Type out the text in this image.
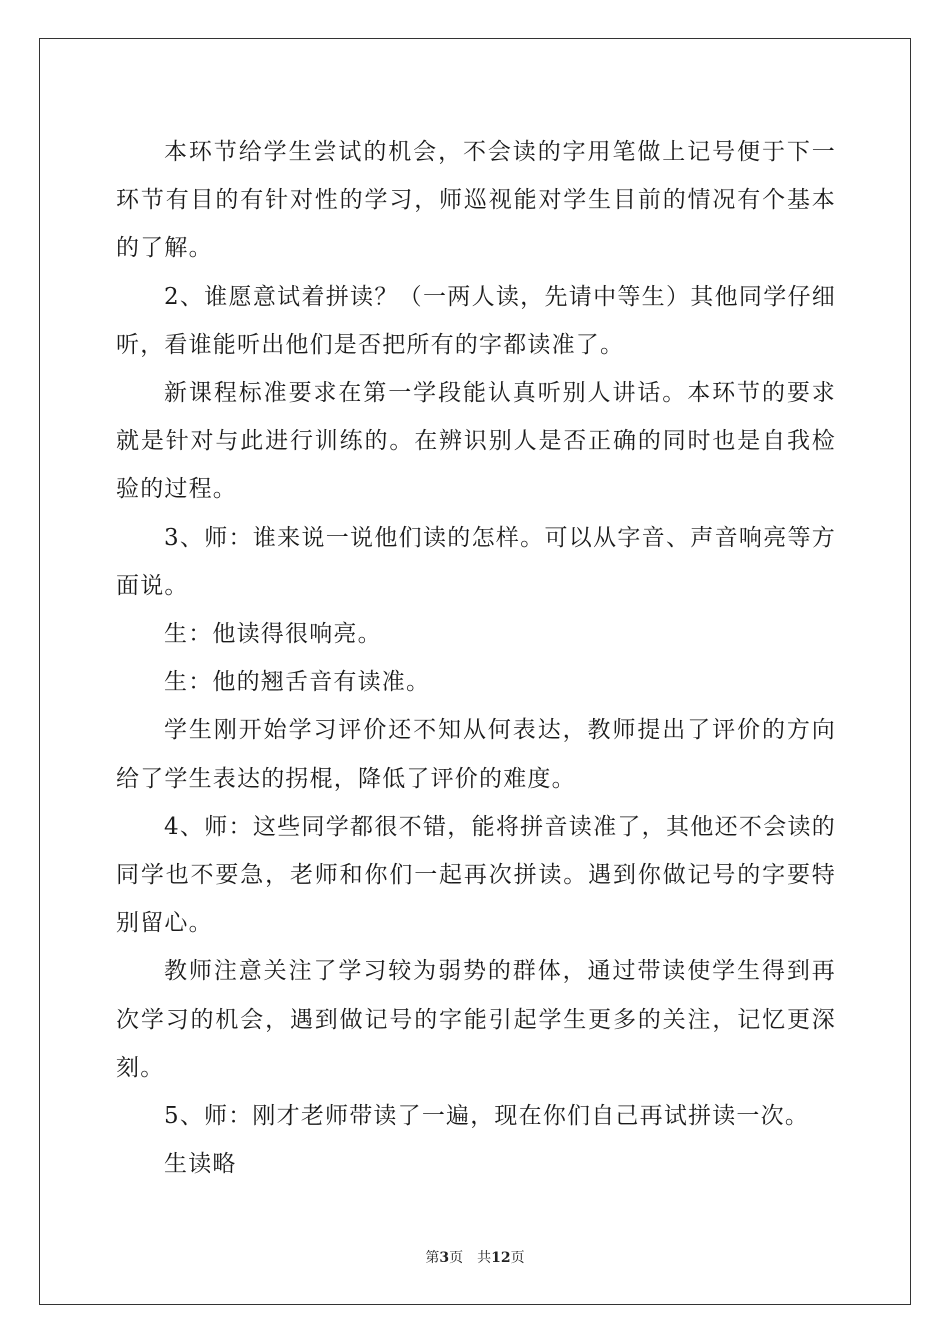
本环节给学生尝试的机会，不会读的字用笔做上记号便于下一环节有目的有针对性的学习，师巡视能对学生目前的情况有个基本的了解。

2、谁愿意试着拼读？（一两人读，先请中等生）其他同学仔细听，看谁能听出他们是否把所有的字都读准了。

新课程标准要求在第一学段能认真听别人讲话。本环节的要求就是针对与此进行训练的。在辨识别人是否正确的同时也是自我检验的过程。

3、师：谁来说一说他们读的怎样。可以从字音、声音响亮等方面说。

生：他读得很响亮。

生：他的翘舌音有读准。

学生刚开始学习评价还不知从何表达，教师提出了评价的方向给了学生表达的拐棍，降低了评价的难度。

4、师：这些同学都很不错，能将拼音读准了，其他还不会读的同学也不要急，老师和你们一起再次拼读。遇到你做记号的字要特别留心。

教师注意关注了学习较为弱势的群体，通过带读使学生得到再次学习的机会，遇到做记号的字能引起学生更多的关注，记忆更深刻。

5、师：刚才老师带读了一遍，现在你们自己再试拼读一次。

生读略

第3页 共12页
